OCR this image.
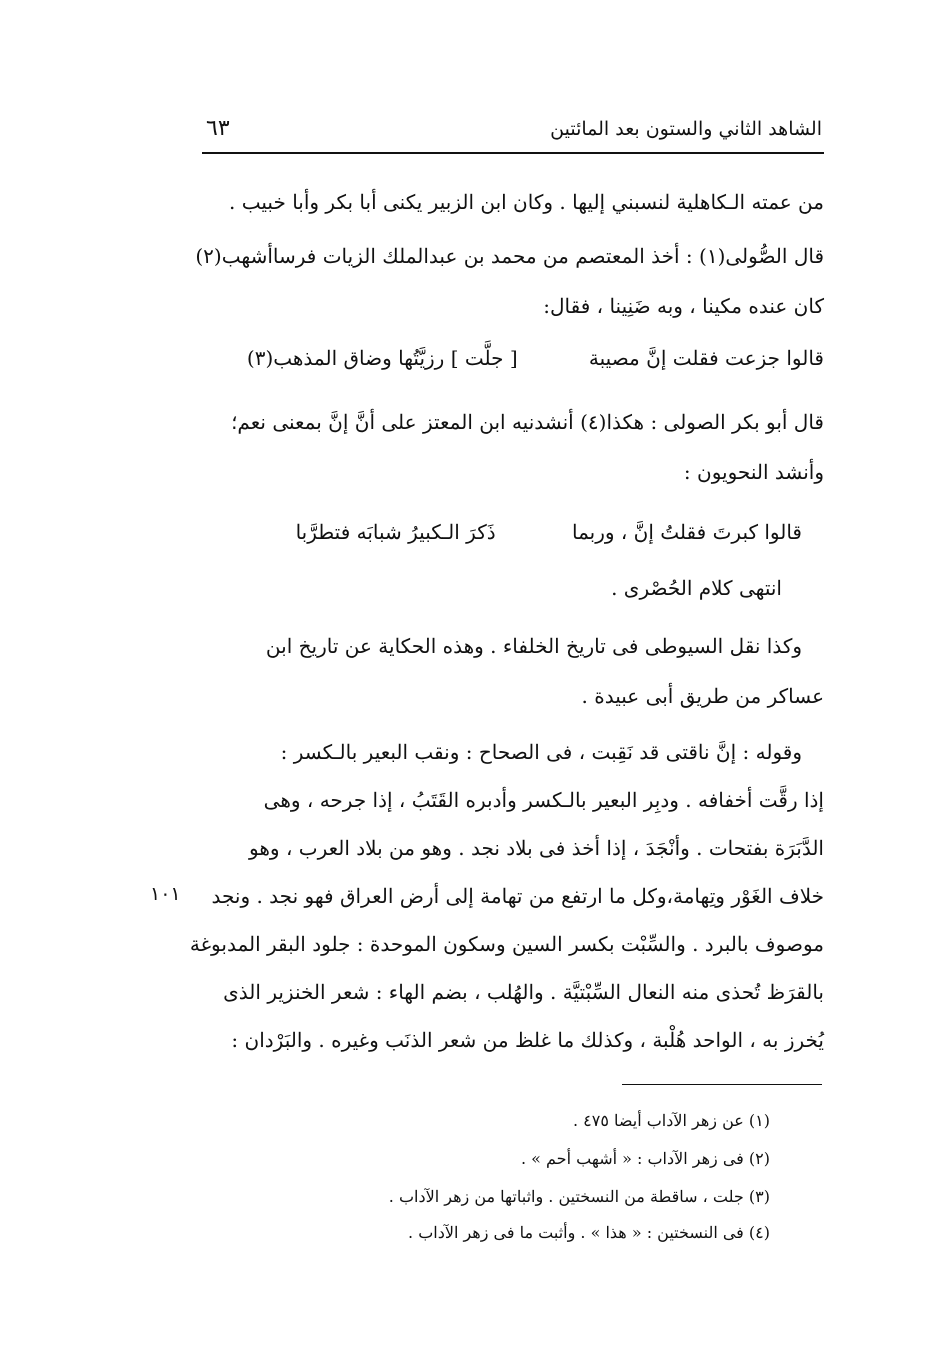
الشاهد الثاني والستون بعد المائتين
٦٣
من عمته الـكاهلية لنسبني إليها . وكان ابن الزبير يكنى أبا بكر وأبا خبيب .
قال الصُّولى(١) : أخذ المعتصم من محمد بن عبدالملك الزيات فرساأشهب(٢)
كان عنده مكينا ، وبه ضَنِينا ، فقال:
قالوا جزعت فقلت إنَّ مصيبة [ جلَّت ] رزيَّتُها وضاق المذهب(٣)
قال أبو بكر الصولى : هكذا(٤) أنشدنيه ابن المعتز على أنَّ إنَّ بمعنى نعم؛
وأنشد النحويون :
قالوا كبرتَ فقلتُ إنَّ ، وربما ذَكرَ الـكبيرُ شبابَه فتطرَّبا
انتهى كلام الحُصْرى .
وكذا نقل السيوطى فى تاريخ الخلفاء . وهذه الحكاية عن تاريخ ابن
عساكر من طريق أبى عبيدة .
وقوله : إنَّ ناقتى قد نَقِبت ، فى الصحاح : ونقب البعير بالـكسر :
إذا رقَّت أخفافه . ودبِر البعير بالـكسر وأدبره القَتَبُ ، إذا جرحه ، وهى
الدَّبَرَة بفتحات . وأنْجَدَ ، إذا أخذ فى بلاد نجد . وهو من بلاد العرب ، وهو
خلاف الغَوْر وتِهامة،وكل ما ارتفع من تهامة إلى أرض العراق فهو نجد . ونجد
موصوف بالبرد . والسِّبْت بكسر السين وسكون الموحدة : جلود البقر المدبوغة
بالقرَظ تُحذى منه النعال السِّبْتيَّة . والهُلب ، بضم الهاء : شعر الخنزير الذى
يُخرز به ، الواحد هُلْبة ، وكذلك ما غلظ من شعر الذنَب وغيره . والبَرْدان :
١٠١
(١) عن زهر الآداب أيضا ٤٧٥ .
(٢) فى زهر الآداب : « أشهب أحم » .
(٣) جلت ، ساقطة من النسختين . واثباتها من زهر الآداب .
(٤) فى النسختين : « هذا » . وأثبت ما فى زهر الآداب .
